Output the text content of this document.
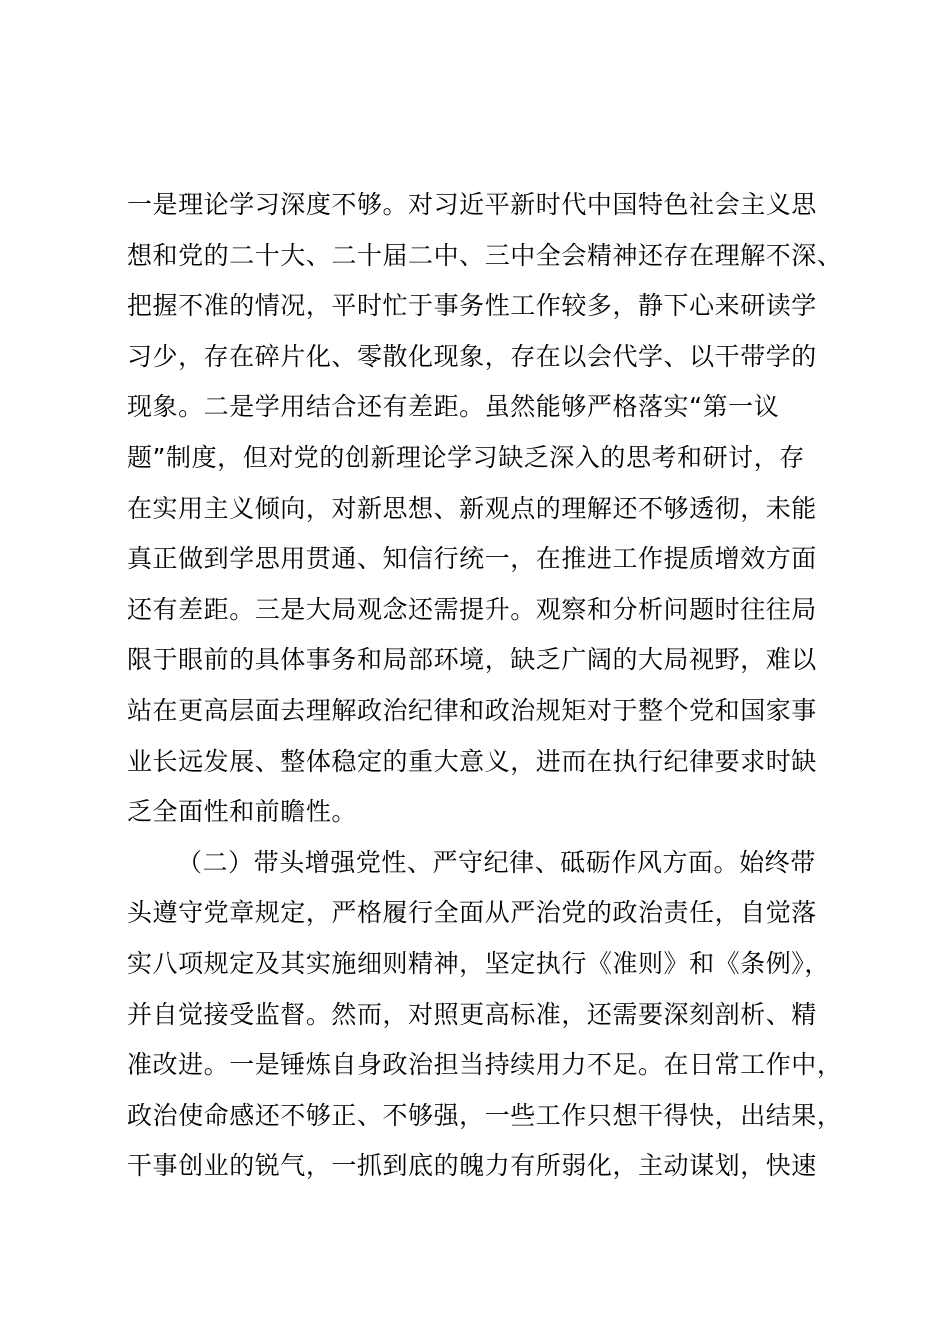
一是理论学习深度不够。对习近平新时代中国特色社会主义思
想和党的二十大、二十届二中、三中全会精神还存在理解不深、
把握不准的情况，平时忙于事务性工作较多，静下心来研读学
习少，存在碎片化、零散化现象，存在以会代学、以干带学的
现象。二是学用结合还有差距。虽然能够严格落实“第一议
题”制度，但对党的创新理论学习缺乏深入的思考和研讨，存
在实用主义倾向，对新思想、新观点的理解还不够透彻，未能
真正做到学思用贯通、知信行统一，在推进工作提质增效方面
还有差距。三是大局观念还需提升。观察和分析问题时往往局
限于眼前的具体事务和局部环境，缺乏广阔的大局视野，难以
站在更高层面去理解政治纪律和政治规矩对于整个党和国家事
业长远发展、整体稳定的重大意义，进而在执行纪律要求时缺
乏全面性和前瞻性。
（二）带头增强党性、严守纪律、砥砺作风方面。始终带
头遵守党章规定，严格履行全面从严治党的政治责任，自觉落
实八项规定及其实施细则精神，坚定执行《准则》和《条例》，
并自觉接受监督。然而，对照更高标准，还需要深刻剖析、精
准改进。一是锤炼自身政治担当持续用力不足。在日常工作中，
政治使命感还不够正、不够强，一些工作只想干得快，出结果，
干事创业的锐气，一抓到底的魄力有所弱化，主动谋划，快速
